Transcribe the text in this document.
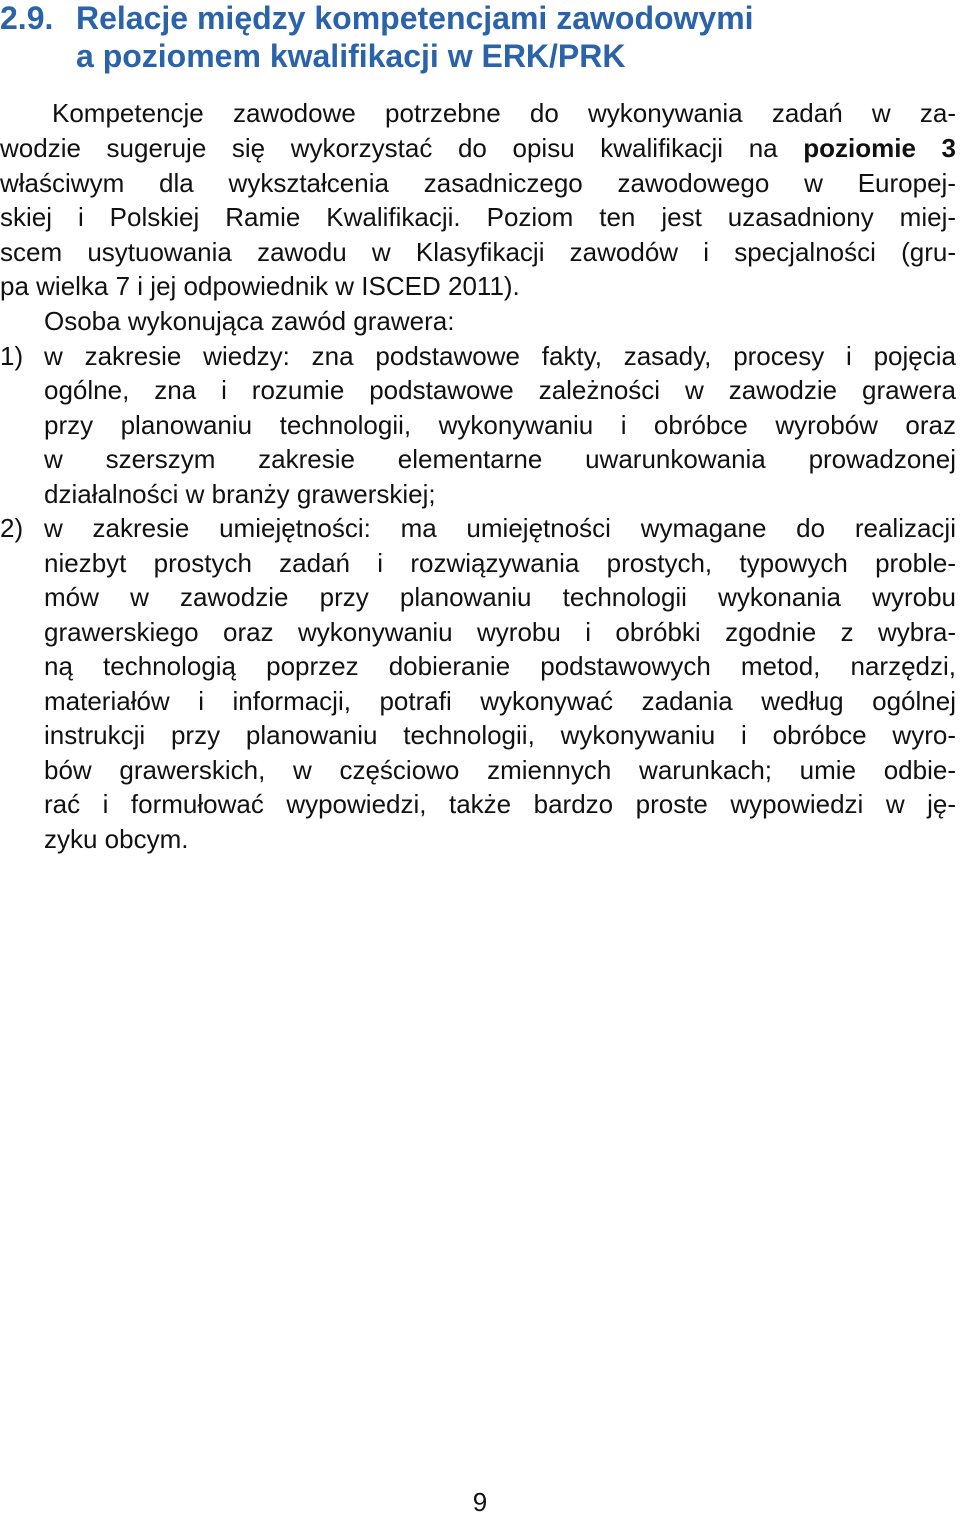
2.9. Relacje między kompetencjami zawodowymi
a poziomem kwalifikacji w ERK/PRK
Kompetencje zawodowe potrzebne do wykonywania zadań w za-
wodzie sugeruje się wykorzystać do opisu kwalifikacji na poziomie 3
właściwym dla wykształcenia zasadniczego zawodowego w Europej-
skiej i Polskiej Ramie Kwalifikacji. Poziom ten jest uzasadniony miej-
scem usytuowania zawodu w Klasyfikacji zawodów i specjalności (gru-
pa wielka 7 i jej odpowiednik w ISCED 2011).
Osoba wykonująca zawód grawera:
1) w zakresie wiedzy: zna podstawowe fakty, zasady, procesy i pojęcia
ogólne, zna i rozumie podstawowe zależności w zawodzie grawera
przy planowaniu technologii, wykonywaniu i obróbce wyrobów oraz
w szerszym zakresie elementarne uwarunkowania prowadzonej
działalności w branży grawerskiej;
2) w zakresie umiejętności: ma umiejętności wymagane do realizacji
niezbyt prostych zadań i rozwiązywania prostych, typowych proble-
mów w zawodzie przy planowaniu technologii wykonania wyrobu
grawerskiego oraz wykonywaniu wyrobu i obróbki zgodnie z wybra-
ną technologią poprzez dobieranie podstawowych metod, narzędzi,
materiałów i informacji, potrafi wykonywać zadania według ogólnej
instrukcji przy planowaniu technologii, wykonywaniu i obróbce wyro-
bów grawerskich, w częściowo zmiennych warunkach; umie odbie-
rać i formułować wypowiedzi, także bardzo proste wypowiedzi w ję-
zyku obcym.
9
